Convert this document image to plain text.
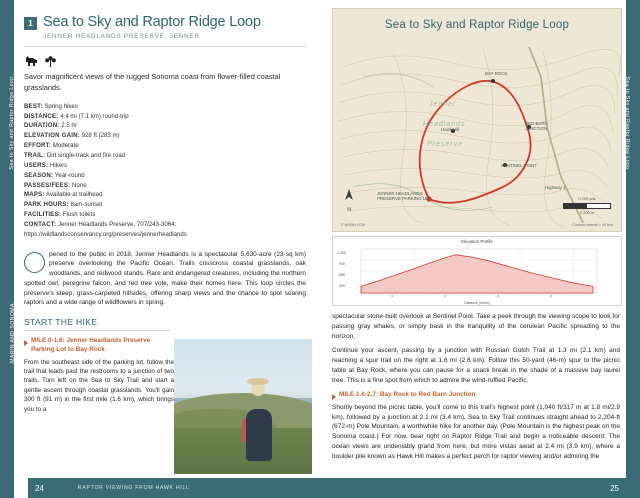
Sea to Sky and Raptor Ridge Loop
MARIN AND SONOMA
1 Sea to Sky and Raptor Ridge Loop
JENNER HEADLANDS PRESERVE, JENNER
Savor magnificent views of the rugged Sonoma coast from flower-filled coastal grasslands.
BEST: Spring hikes
DISTANCE: 4.4 mi (7.1 km) round-trip
DURATION: 2.5 hr
ELEVATION GAIN: 928 ft (283 m)
EFFORT: Moderate
TRAIL: Dirt single-track and fire road
USERS: Hikers
SEASON: Year-round
PASSES/FEES: None
MAPS: Available at trailhead
PARK HOURS: 8am-sunset
FACILITIES: Flush toilets
CONTACT: Jenner Headlands Preserve, 707/243-3064; https://wildlandsconservancy.org/preserves/jennerheadlands

pened to the public in 2018, Jenner Headlands is a spectacular 5,630-acre (23-sq km) preserve overlooking the Pacific Ocean. Trails crisscross coastal grasslands, oak woodlands, and redwood stands. Rare and endangered creatures, including the northern spotted owl, peregrine falcon, and red tree vole, make their homes here. This loop circles the preserve's steep, grass-carpeted hillsides, offering sharp views and the chance to spot soaring raptors and a wide range of wildflowers in spring.

START THE HIKE
MILE 0-1.6: Jenner Headlands Preserve Parking Lot to Bay Rock
From the southeast side of the parking lot, follow the trail that leads past the restrooms to a junction of two trails. Turn left on the Sea to Sky Trail and start a gentle ascent through coastal grasslands. You'll gain 300 ft (91 m) in the first mile (1.6 km), which brings you to a
24	RAPTOR VIEWING FROM HAWK HILL
Sea to Sky and Raptor Ridge Loop
BAY ROCK
Hawk Hill
RED BARN JUNCTION
SENTINEL POINT
JENNER HEADLANDS PRESERVE PARKING LOT
Highway 1
Jenner
Headlands
Preserve
N
0 200 yds
0 200 m
Contour Interval = 40 feet
© MOON.COM
Elevation Profile
1,200
900
600
300
1	2	3	4
Distance (miles)

spectacular stone-built overlook at Sentinel Point. Take a peek through the viewing scope to look for passing gray whales, or simply bask in the tranquility of the cerulean Pacific spreading to the horizon.

Continue your ascent, passing by a junction with Russian Gulch Trail at 1.3 mi (2.1 km) and reaching a spur trail on the right at 1.6 mi (2.6 km). Follow this 50-yard (46-m) spur to the picnic table at Bay Rock, where you can pause for a snack break in the shade of a massive bay laurel tree. This is a fine spot from which to admire the wind-ruffled Pacific.

MILE 1.6-2.7: Bay Rock to Red Barn Junction

Shortly beyond the picnic table, you'll come to this trail's highest point (1,040 ft/317 m at 1.8 mi/2.9 km), followed by a junction at 2.1 mi (3.4 km). Sea to Sky Trail continues straight ahead to 2,204-ft (672-m) Pole Mountain, a worthwhile hike for another day. (Pole Mountain is the highest peak on the Sonoma coast.) For now, bear right on Raptor Ridge Trail and begin a noticeable descent. The ocean views are undeniably grand from here, but more vistas await at 2.4 mi (3.9 km), where a boulder pile known as Hawk Hill makes a perfect perch for raptor viewing and/or admiring the

Sea to Sky and Raptor Ridge Loop
25
